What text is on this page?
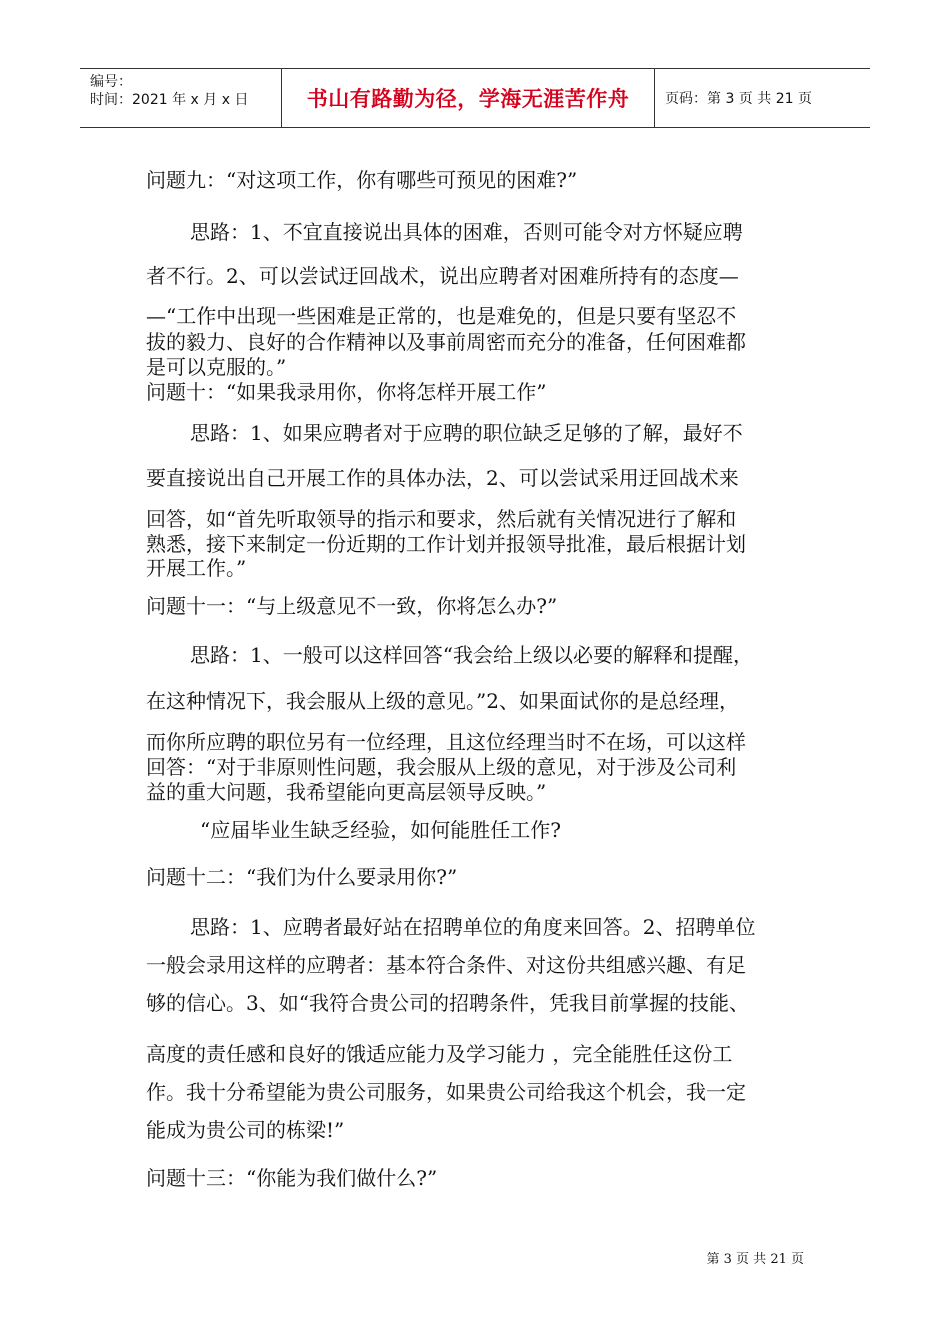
编号：
时间：2021 年 x 月 x 日	书山有路勤为径，学海无涯苦作舟	页码：第 3 页 共 21 页
问题九：“对这项工作，你有哪些可预见的困难?”
思路：1、不宜直接说出具体的困难，否则可能令对方怀疑应聘
者不行。2、可以尝试迂回战术，说出应聘者对困难所持有的态度—
—“工作中出现一些困难是正常的，也是难免的，但是只要有坚忍不
拔的毅力、良好的合作精神以及事前周密而充分的准备，任何困难都
是可以克服的。”
问题十：“如果我录用你，你将怎样开展工作”
思路：1、如果应聘者对于应聘的职位缺乏足够的了解，最好不
要直接说出自己开展工作的具体办法，2、可以尝试采用迂回战术来
回答，如“首先听取领导的指示和要求，然后就有关情况进行了解和
熟悉，接下来制定一份近期的工作计划并报领导批准，最后根据计划
开展工作。”
问题十一：“与上级意见不一致，你将怎么办?”
思路：1、一般可以这样回答“我会给上级以必要的解释和提醒，
在这种情况下，我会服从上级的意见。”2、如果面试你的是总经理，
而你所应聘的职位另有一位经理，且这位经理当时不在场，可以这样
回答：“对于非原则性问题，我会服从上级的意见，对于涉及公司利
益的重大问题，我希望能向更高层领导反映。”
“应届毕业生缺乏经验，如何能胜任工作?
问题十二：“我们为什么要录用你?”
思路：1、应聘者最好站在招聘单位的角度来回答。2、招聘单位
一般会录用这样的应聘者：基本符合条件、对这份共组感兴趣、有足
够的信心。3、如“我符合贵公司的招聘条件，凭我目前掌握的技能、
高度的责任感和良好的饿适应能力及学习能力 ，完全能胜任这份工
作。我十分希望能为贵公司服务，如果贵公司给我这个机会，我一定
能成为贵公司的栋梁!”
问题十三：“你能为我们做什么?”
第 3 页 共 21 页
